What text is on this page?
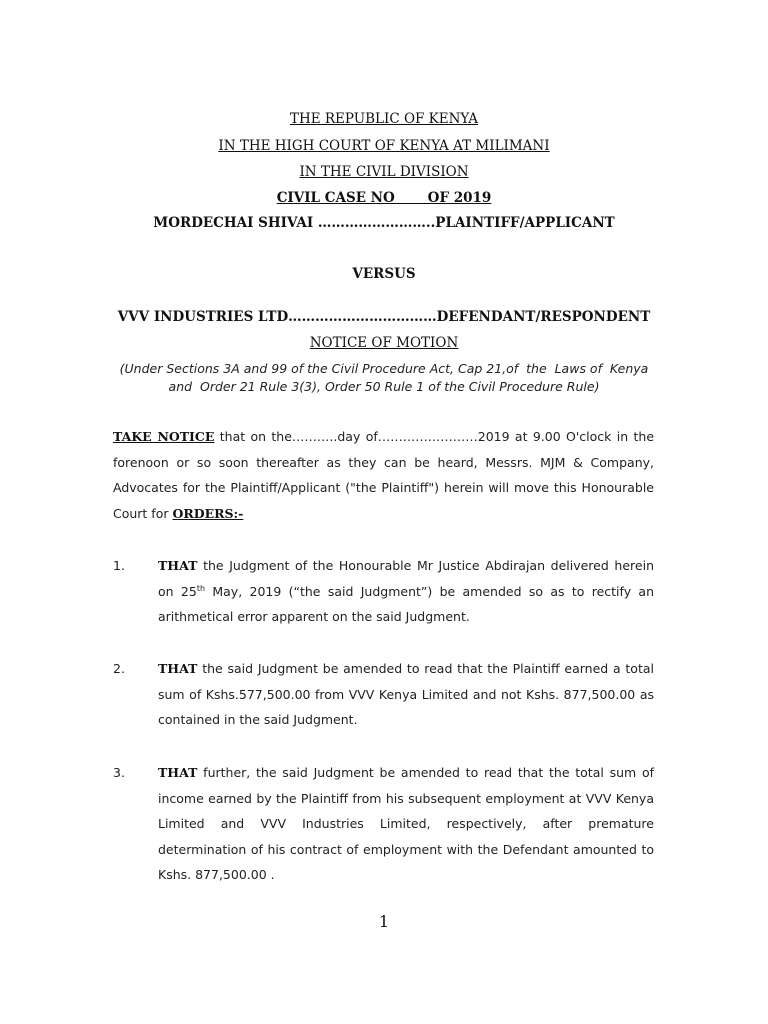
THE REPUBLIC OF KENYA
IN THE HIGH COURT OF KENYA AT MILIMANI
IN THE CIVIL DIVISION
CIVIL CASE NO       OF 2019
MORDECHAI SHIVAI ……………………..PLAINTIFF/APPLICANT
VERSUS
VVV INDUSTRIES LTD……………………………DEFENDANT/RESPONDENT
NOTICE OF MOTION
(Under Sections 3A and 99 of the Civil Procedure Act, Cap 21,of  the  Laws of  Kenya
and  Order 21 Rule 3(3), Order 50 Rule 1 of the Civil Procedure Rule)
TAKE NOTICE that on the………..day of……………………2019 at 9.00 O'clock in the forenoon or so soon thereafter as they can be heard, Messrs. MJM & Company, Advocates for the Plaintiff/Applicant ("the Plaintiff") herein will move this Honourable Court for ORDERS:-
1.	THAT the Judgment of the Honourable Mr Justice Abdirajan delivered herein on 25th May, 2019 (“the said Judgment”) be amended so as to rectify an arithmetical error apparent on the said Judgment.
2.	THAT the said Judgment be amended to read that the Plaintiff earned a total sum of Kshs.577,500.00 from VVV Kenya Limited and not Kshs. 877,500.00 as contained in the said Judgment.
3.	THAT further, the said Judgment be amended to read that the total sum of income earned by the Plaintiff from his subsequent employment at VVV Kenya Limited and VVV Industries Limited, respectively, after premature determination of his contract of employment with the Defendant amounted to Kshs. 877,500.00 .
1
